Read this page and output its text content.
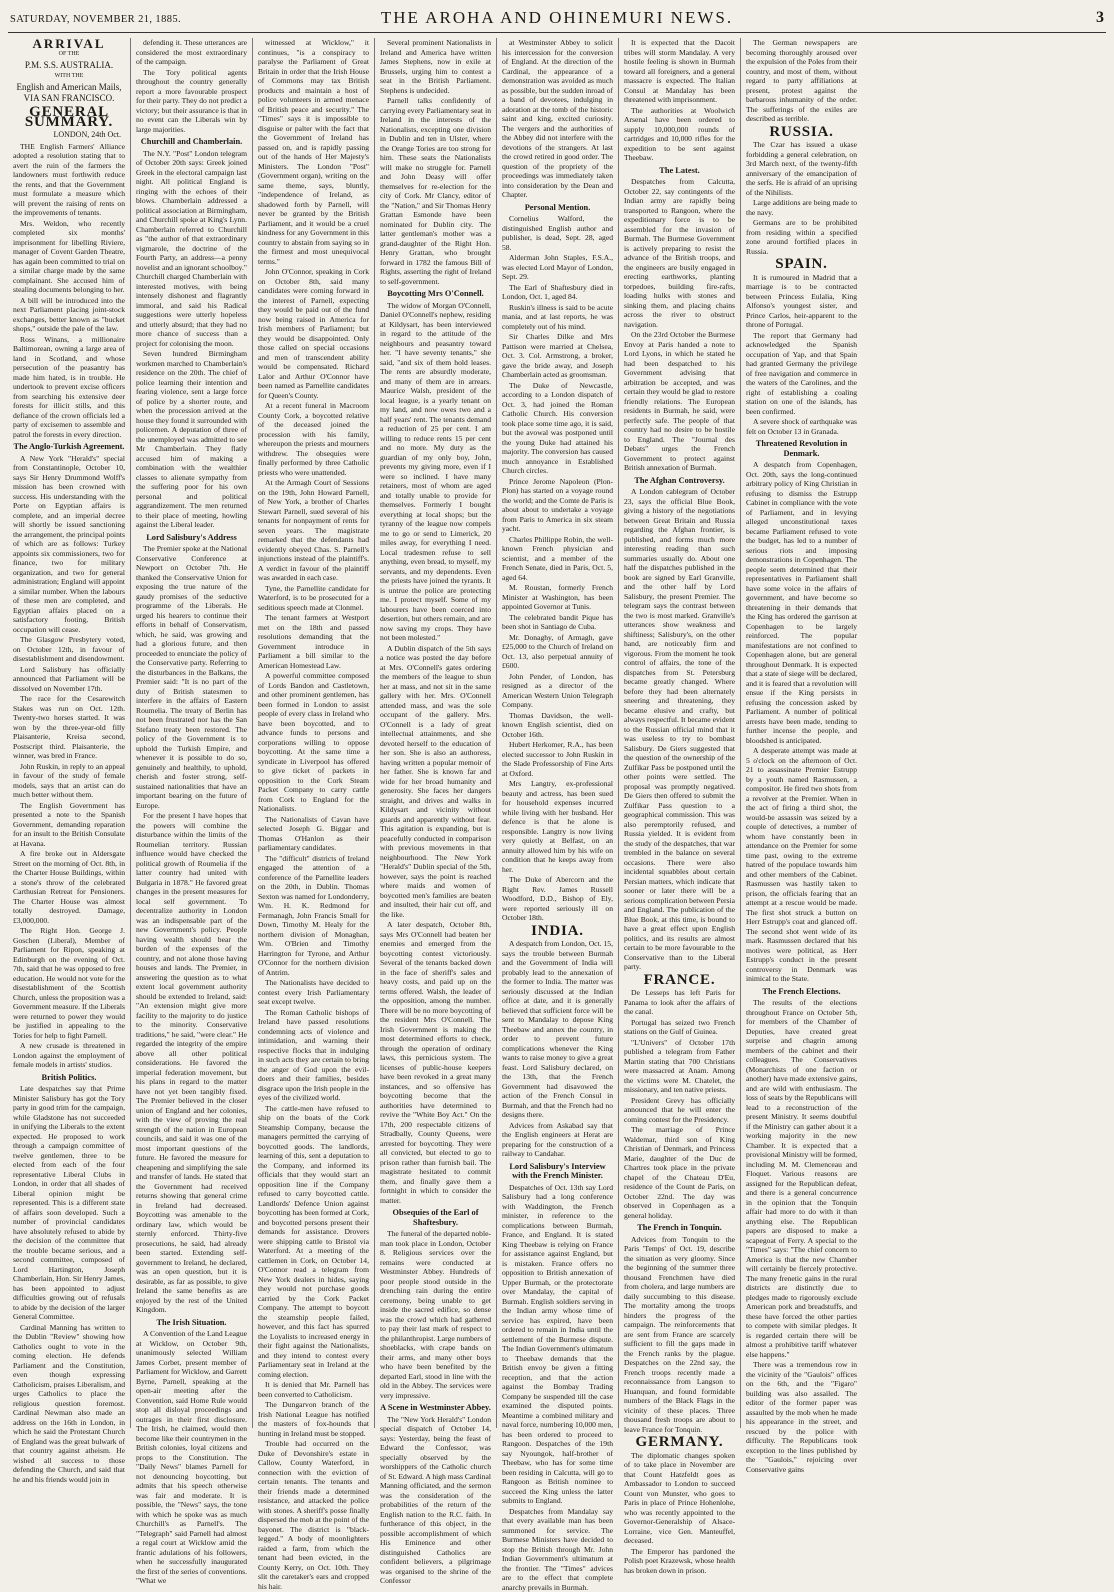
SATURDAY, NOVEMBER 21, 1885.	THE AROHA AND OHINEMURI NEWS.	3
ARRIVAL
OF THE
P.M. S.S. AUSTRALIA.
WITH THE
English and American Mails,
VIA SAN FRANCISCO.
GENERAL SUMMARY.

LONDON, 24th Oct.

THE English Farmers' Alliance adopted a resolution stating that to avert the ruin of the farmers the landowners must forthwith reduce the rents, and that the Government must formulate a measure which will prevent the raising of rents on the improvements of tenants.

Mrs. Weldon, who recently completed six months' imprisonment for libelling Riviere, manager of Covent Garden Theatre, has again been committed to trial on a similar charge made by the same complainant. She accused him of stealing documents belonging to her.

A bill will be introduced into the next Parliament placing joint-stock exchanges, better known as "bucket shops," outside the pale of the law.

Ross Winans, a millionaire Baltimorean, owning a large area of land in Scotland, and whose persecution of the peasantry has made him hated, is in trouble. He undertook to prevent excise officers from searching his extensive deer forests for illicit stills, and this defiance of the crown officials led a party of excisemen to assemble and patrol the forests in every direction.

The Anglo-Turkish Agreement.

A New York "Herald's" special from Constantinople, October 10, says Sir Henry Drummond Wolff's mission has been crowned with success. His understanding with the Porte on Egyptian affairs is complete, and an imperial decree will shortly be issued sanctioning the arrangement, the principal points of which are as follows: Turkey appoints six commissioners, two for finance, two for military organization, and two for general administration; England will appoint a similar number. When the labours of these men are completed, and Egyptian affairs placed on a satisfactory footing, British occupation will cease.

The Glasgow Presbytery voted, on October 12th, in favour of disestablishment and disendowment.

Lord Salisbury has officially announced that Parliament will be dissolved on November 17th.

The race for the Cesarewitch Stakes was run on Oct. 12th. Twenty-two horses started. It was won by the three-year-old filly Plaisanterie, Kreisa second, Postscript third. Plaisanterie, the winner, was bred in France.

John Ruskin, in reply to an appeal in favour of the study of female models, says that an artist can do much better without them.

The English Government has presented a note to the Spanish Government, demanding reparation for an insult to the British Consulate at Havana.

A fire broke out in Aldersgate Street on the morning of Oct. 8th, in the Charter House Buildings, within a stone's throw of the celebrated Carthusian Retreat for Pensioners. The Charter House was almost totally destroyed. Damage, £3,000,000.

The Right Hon. George J. Goschen (Liberal), Member of Parliament for Ripon, speaking at Edinburgh on the evening of Oct. 7th, said that he was opposed to free education. He would not vote for the disestablishment of the Scottish Church, unless the proposition was a Government measure. If the Liberals were returned to power they would be justified in appealing to the Tories for help to fight Parnell.

A new crusade is threatened in London against the employment of female models in artists' studios.

British Politics.

Late despatches say that Prime Minister Salisbury has got the Tory party in good trim for the campaign, while Gladstone has not succeeded in unifying the Liberals to the extent expected. He proposed to work through a campaign committee of twelve gentlemen, three to be elected from each of the four representative Liberal Clubs in London, in order that all shades of Liberal opinion might be represented. This is a different state of affairs soon developed. Such a number of provincial candidates have absolutely refused to abide by the decision of the committee that the trouble became serious, and a second committee, composed of Lord Hartington, Joseph Chamberlain, Hon. Sir Henry James, has been appointed to adjust difficulties growing out of refusals to abide by the decision of the larger General Committee.

Cardinal Manning has written to the Dublin "Review" showing how Catholics ought to vote in the coming election. He defends Parliament and the Constitution, even though expressing Catholicism, praises Liberalism, and urges Catholics to place the religious question foremost. Cardinal Newman also made an address on the 16th in London, in which he said the Protestant Church of England was the great bulwark of that country against atheism. He wished all success to those defending the Church, and said that he and his friends would join in

defending it. These utterances are considered the most extraordinary of the campaign.

The Tory political agents throughout the country generally report a more favourable prospect for their party. They do not predict a victory; but their assurance is that in no event can the Liberals win by large majorities.

Churchill and Chamberlain.

The N.Y. "Post" London telegram of October 20th says: Greek joined Greek in the electoral campaign last night. All political England is ringing with the echoes of their blows. Chamberlain addressed a political association at Birmingham, and Churchill spoke at King's Lynn. Chamberlain referred to Churchill as "the author of that extraordinary vigmarole, the doctrine of the Fourth Party, an address—a penny novelist and an ignorant schoolboy." Churchill charged Chamberlain with interested motives, with being intensely dishonest and flagrantly immoral, and said his Radical suggestions were utterly hopeless and utterly absurd; that they had no more chance of success than a project for colonising the moon.

Seven hundred Birmingham workmen marched to Chamberlain's residence on the 20th. The chief of police learning their intention and fearing violence, sent a large force of police by a shorter route, and when the procession arrived at the house they found it surrounded with policemen. A deputation of three of the unemployed was admitted to see Mr Chamberlain. They flatly accused him of making a combination with the wealthier classes to alienate sympathy from the suffering poor for his own personal and political aggrandizement. The men returned to their place of meeting, howling against the Liberal leader.

Lord Salisbury's Address

The Premier spoke at the National Conservative Conference at Newport on October 7th. He thanked the Conservative Union for exposing the true nature of the gaudy promises of the seductive programme of the Liberals. He urged his hearers to continue their efforts in behalf of Conservatism, which, he said, was growing and had a glorious future, and then proceeded to enunciate the policy of the Conservative party. Referring to the disturbances in the Balkans, the Premier said: "It is no part of the duty of British statesmen to interfere in the affairs of Eastern Roumelia. The treaty of Berlin has not been frustrated nor has the San Stefano treaty been restored. The policy of the Government is to uphold the Turkish Empire, and whenever it is possible to do so, genuinely and healthily, to uphold, cherish and foster strong, self-sustained nationalities that have an important bearing on the future of Europe.

For the present I have hopes that the powers will combine the disturbance within the limits of the Roumelian territory. Russian influence would have checked the political growth of Roumelia if the latter country had united with Bulgaria in 1878." He favored great changes in the present measures for local self government. To decentralize authority in London was an indispensable part of the new Government's policy. People having wealth should bear the burden of the expenses of the country, and not alone those having houses and lands. The Premier, in answering the question as to what extent local government authority should be extended to Ireland, said: "An extension might give more facility to the majority to do justice to the minority. Conservative traditions," he said, "were clear." He regarded the integrity of the empire above all other political considerations. He favored the imperial federation movement, but his plans in regard to the matter have not yet been tangibly fixed. The Premier believed in the closer union of England and her colonies, with the view of proving the real strength of the nation in European councils, and said it was one of the most important questions of the future. He favored the measure for cheapening and simplifying the sale and transfer of lands. He stated that the Government had received returns showing that general crime in Ireland had decreased. Boycotting was amenable to the ordinary law, which would be sternly enforced. Thirty-five prosecutions, he said, had already been started. Extending self-government to Ireland, he declared, was an open question, but it is desirable, as far as possible, to give Ireland the same benefits as are enjoyed by the rest of the United Kingdom.

The Irish Situation.

A Convention of the Land League at Wicklow, on October 9th, unanimously selected William James Corbet, present member of Parliament for Wicklow, and Garrett Byrne, Parnell, speaking at the open-air meeting after the Convention, said Home Rule would stop all disloyal proceedings and outrages in their first disclosure. The Irish, he claimed, would then become like their countrymen in the British colonies, loyal citizens and props to the Constitution. The "Daily News" blames Parnell for not denouncing boycotting, but admits that his speech otherwise was fair and moderate. It is possible, the "News" says, the tone with which he spoke was as much Churchill's as Parnell's. The "Telegraph" said Parnell had almost a regal court at Wicklow amid the frantic adulations of his followers, when he successfully inaugurated the first of the series of conventions. "What we

witnessed at Wicklow," it continues, "is a conspiracy to paralyse the Parliament of Great Britain in order that the Irish House of Commons may tax British products and maintain a host of police volunteers in armed menace of British peace and security." The "Times" says it is impossible to disguise or palter with the fact that the Government of Ireland has passed on, and is rapidly passing out of the hands of Her Majesty's Ministers. The London "Post" (Government organ), writing on the same theme, says, bluntly, "independence of Ireland, as shadowed forth by Parnell, will never be granted by the British Parliament, and it would be a cruel kindness for any Government in this country to abstain from saying so in the firmest and most unequivocal terms."

John O'Connor, speaking in Cork on October 8th, said many candidates were coming forward in the interest of Parnell, expecting they would be paid out of the fund now being raised in America for Irish members of Parliament; but they would be disappointed. Only those called on special occasions and men of transcendent ability would be compensated. Richard Lalor and Arthur O'Connor have been named as Parnellite candidates for Queen's County.

At a recent funeral in Macroom County Cork, a boycotted relative of the deceased joined the procession with his family, whereupon the priests and mourners withdrew. The obsequies were finally performed by three Catholic priests who were unattended.

At the Armagh Court of Sessions on the 19th, John Howard Parnell, of New York, a brother of Charles Stewart Parnell, sued several of his tenants for nonpayment of rents for seven years. The magistrate remarked that the defendants had evidently obeyed Chas. S. Parnell's injunctions instead of the plaintiff's. A verdict in favour of the plaintiff was awarded in each case.

Tyne, the Parnellite candidate for Waterford, is to be prosecuted for a seditious speech made at Clonmel.

The tenant farmers at Westport met on the 18th and passed resolutions demanding that the Government introduce in Parliament a bill similar to the American Homestead Law.

A powerful committee composed of Lords Bandon and Castletown, and other prominent gentlemen, has been formed in London to assist people of every class in Ireland who have been boycotted, and to advance funds to persons and corporations willing to oppose boycotting. At the same time a syndicate in Liverpool has offered to give ticket of packets in opposition to the Cork Steam Packet Company to carry cattle from Cork to England for the Nationalists.

The Nationalists of Cavan have selected Joseph G. Biggar and Thomas O'Hanlon as their parliamentary candidates.

The "difficult" districts of Ireland engaged the attention of a conference of the Parnellite leaders on the 20th, in Dublin. Thomas Sexton was named for Londonderry, Wm. H. K. Redmond for Fermanagh, John Francis Small for Down, Timothy M. Healy for the northern division of Monaghan, Wm. O'Brien and Timothy Harrington for Tyrone, and Arthur O'Connor for the northern division of Antrim.

The Nationalists have decided to contest every Irish Parliamentary seat except twelve.

The Roman Catholic bishops of Ireland have passed resolutions condemning acts of violence and intimidation, and warning their respective flocks that in indulging in such acts they are certain to bring the anger of God upon the evil-doers and their families, besides disgrace upon the Irish people in the eyes of the civilized world.

The cattle-men have refused to ship on the boats of the Cork Steamship Company, because the managers permitted the carrying of boycotted goods. The landlords, learning of this, sent a deputation to the Company, and informed its officials that they would start an opposition line if the Company refused to carry boycotted cattle. Landlords' Defence Union against boycotting has been formed at Cork, and boycotted persons present their demands for assistance. Drovers were shipping cattle to Bristol via Waterford. At a meeting of the cattlemen in Cork, on October 14, O'Connor read a telegram from New York dealers in hides, saying they would not purchase goods carried by the Cork Packet Company. The attempt to boycott the steamship people failed, however, and this fact has spurred the Loyalists to increased energy in their fight against the Nationalists, and they intend to contest every Parliamentary seat in Ireland at the coming election.

It is denied that Mr. Parnell has been converted to Catholicism.

The Dungarvon branch of the Irish National League has notified the masters of fox-hounds that hunting in Ireland must be stopped.

Trouble had occurred on the Duke of Devonshire's estate in Callow, County Waterford, in connection with the eviction of certain tenants. The tenants and their friends made a determined resistance, and attacked the police with stones. A sheriff's posse finally dispersed the mob at the point of the bayonet. The district is "black-legged." A body of moonlighters raided a farm, from which the tenant had been evicted, in the County Kerry, on Oct. 10th. They slit the caretaker's ears and cropped his hair.

Several prominent Nationalists in Ireland and America have written James Stephens, now in exile at Brussels, urging him to contest a seat in the British Parliament. Stephens is undecided.

Parnell talks confidently of carrying every Parliamentary seat in Ireland in the interests of the Nationalists, excepting one division in Dublin and ten in Ulster, where the Orange Tories are too strong for him. These seats the Nationalists will make no struggle for. Parnell and John Deasy will offer themselves for re-election for the city of Cork. Mr Clancy, editor of the "Nation," and Sir Thomas Henry Grattan Esmonde have been nominated for Dublin city. The latter gentleman's mother was a grand-daughter of the Right Hon. Henry Grattan, who brought forward in 1782 the famous Bill of Rights, asserting the right of Ireland to self-government.

Boycotting Mrs O'Connell.

The widow of Morgan O'Connell, Daniel O'Connell's nephew, residing at Kildysart, has been interviewed in regard to the attitude of the neighbours and peasantry toward her. "I have seventy tenants," she said, "and six of them hold leases. The rents are absurdly moderate, and many of them are in arrears. Maurice Walsh, president of the local league, is a yearly tenant on my land, and now owes two and a half years' rent. The tenants demand a reduction of 25 per cent. I am willing to reduce rents 15 per cent and no more. My duty as the guardian of my only boy, John, prevents my giving more, even if I were so inclined. I have many retainers, most of whom are aged and totally unable to provide for themselves. Formerly I bought everything at local shops; but the tyranny of the league now compels me to go or send to Limerick, 20 miles away, for everything I need. Local tradesmen refuse to sell anything, even bread, to myself, my servants, and my dependents. Even the priests have joined the tyrants. It is untrue the police are protecting me. I protect myself. Some of my labourers have been coerced into desertion, but others remain, and are now saving my crops. They have not been molested."

A Dublin dispatch of the 5th says a notice was posted the day before at Mrs. O'Connell's gates ordering the members of the league to shun her at mass, and not sit in the same gallery with her. Mrs. O'Connell attended mass, and was the sole occupant of the gallery. Mrs. O'Connell is a lady of great intellectual attainments, and she devoted herself to the education of her son. She is also an authoress, having written a popular memoir of her father. She is known far and wide for her broad humanity and generosity. She faces her dangers straight, and drives and walks in Kildysart and vicinity without guards and apparently without fear. This agitation is expanding, but is peacefully conducted in comparison with previous movements in that neighbourhood. The New York "Herald's" Dublin special of the 5th, however, says the point is reached where maids and women of boycotted men's families are beaten and insulted, their hair cut off, and the like.

A later despatch, October 8th, says Mrs O'Connell had beaten her enemies and emerged from the boycotting contest victoriously. Several of the tenants backed down in the face of sheriff's sales and heavy costs, and paid up on the terms offered. Walsh, the leader of the opposition, among the number. There will be no more boycotting of the resident Mrs O'Connell. The Irish Government is making the most determined efforts to check, through the operation of ordinary laws, this pernicious system. The licenses of public-house keepers have been revoked in a great many instances, and so offensive has boycotting become that the authorities have determined to revive the "White Boy Act." On the 17th, 200 respectable citizens of Stradbally, County Queens, were arrested for boycotting. They were all convicted, but elected to go to prison rather than furnish bail. The magistrate hesitated to commit them, and finally gave them a fortnight in which to consider the matter.

Obsequies of the Earl of Shaftesbury.

The funeral of the departed noble-man took place in London, October 8. Religious services over the remains were conducted at Westminster Abbey. Hundreds of poor people stood outside in the drenching rain during the entire ceremony, being unable to get inside the sacred edifice, so dense was the crowd which had gathered to pay their last mark of respect to the philanthropist. Large numbers of shoeblacks, with crape bands on their arms, and many other boys who have been benefited by the departed Earl, stood in line with the old in the Abbey. The services were very impressive.

A Scene in Westminster Abbey.

The "New York Herald's" London special dispatch of October 14, says: Yesterday, being the feast of Edward the Confessor, was specially observed by the worshippers of the Catholic church of St. Edward. A high mass Cardinal Manning officiated, and the sermon was the consideration of the probabilities of the return of the English nation to the R.C. faith. In furtherance of this object, in the possible accomplishment of which His Eminence and other distinguished Catholics are confident believers, a pilgrimage was organised to the shrine of the Confessor

at Westminster Abbey to solicit his intercession for the conversion of England. At the direction of the Cardinal, the appearance of a demonstration was avoided as much as possible, but the sudden inroad of a band of devotees, indulging in adoration at the tomb of the historic saint and king, excited curiosity. The vergers and the authorities of the Abbey did not interfere with the devotions of the strangers. At last the crowd retired in good order. The question of the propriety of the proceedings was immediately taken into consideration by the Dean and Chapter.

Personal Mention.

Cornelius Walford, the distinguished English author and publisher, is dead, Sept. 28, aged 58.

Alderman John Staples, F.S.A., was elected Lord Mayor of London, Sept. 29.

The Earl of Shaftesbury died in London, Oct. 1, aged 84.

Ruskin's illness is said to be acute mania, and at last reports, he was completely out of his mind.

Sir Charles Dilke and Mrs Pattison were married at Chelsea, Oct. 3. Col. Armstrong, a broker, gave the bride away, and Joseph Chamberlain acted as groomsman.

The Duke of Newcastle, according to a London dispatch of Oct. 3, had joined the Roman Catholic Church. His conversion took place some time ago, it is said, but the avowal was postponed until the young Duke had attained his majority. The conversion has caused much annoyance in Established Church circles.

Prince Jerome Napoleon (Plon-Plon) has started on a voyage round the world; and the Comte de Paris is about about to undertake a voyage from Paris to America in six steam yacht.

Charles Phillippe Robin, the well-known French physician and scientist, and a member of the French Senate, died in Paris, Oct. 5, aged 64.

M. Roustan, formerly French Minister at Washington, has been appointed Governor at Tunis.

The celebrated bandit Pique has been shot in Santiago de Cuba.

Mr. Donaghy, of Armagh, gave £25,000 to the Church of Ireland on Oct. 13, also perpetual annuity of £600.

John Pender, of London, has resigned as a director of the American Western Union Telegraph Company.

Thomas Davidson, the well-known English scientist, died on October 16th.

Hubert Herkomer, R.A., has been elected successor to John Ruskin in the Slade Professorship of Fine Arts at Oxford.

Mrs Langtry, ex-professional beauty and actress, has been sued for household expenses incurred while living with her husband. Her defence is that he alone is responsible. Langtry is now living very quietly at Belfast, on an annuity allowed him by his wife on condition that he keeps away from her.

The Duke of Abercorn and the Right Rev. James Russell Woodford, D.D., Bishop of Ely, were reported seriously ill on October 18th.

INDIA.

A despatch from London, Oct. 15, says the trouble between Burmah and the Government of India will probably lead to the annexation of the former to India. The matter was seriously discussed at the Indian office at date, and it is generally believed that sufficient force will be sent to Mandalay to depose King Theebaw and annex the country, in order to prevent future complications whenever the King wants to raise money to give a great feast. Lord Salisbury declared, on the 13th, that the French Government had disavowed the action of the French Consul in Burmah, and that the French had no designs there.

Advices from Askabad say that the English engineers at Herat are preparing for the construction of a railway to Candahar.

Lord Salisbury's Interview with the French Minister.

Despatches of Oct. 13th say Lord Salisbury had a long conference with Waddington, the French minister, in reference to the complications between Burmah, France, and England. It is stated King Theebaw is relying on France for assistance against England, but is mistaken. France offers no opposition to British annexation of Upper Burmah, or the protectorate over Mandalay, the capital of Burmah. English soldiers serving in the Indian army whose time of service has expired, have been ordered to remain in India until the settlement of the Burmese dispute. The Indian Government's ultimatum to Theebaw demands that the British envoy be given a fitting reception, and that the action against the Bombay Trading Company be suspended till the case examined the disputed points. Meantime a combined military and naval force, numbering 10,000 men, has been ordered to proceed to Rangoon. Despatches of the 19th say Nyoungok, half-brother of Theebaw, who has for some time been residing in Calcutta, will go to Rangoon as British nominee to succeed the King unless the latter submits to England.

Despatches from Mandalay say that every available man has been summoned for service. The Burmese Ministers have decided to stop the British through Mr. John Indian Government's ultimatum at the frontier. The "Times" advices are to the effect that complete anarchy prevails in Burmah.

It is expected that the Dacoit tribes will storm Mandalay. A very hostile feeling is shown in Burmah toward all foreigners, and a general massacre is expected. The Italian Consul at Mandalay has been threatened with imprisonment.

The authorities at Woolwich Arsenal have been ordered to supply 10,000,000 rounds of cartridges and 10,000 rifles for the expedition to be sent against Theebaw.

The Latest.

Despatches from Calcutta, October 22, say contingents of the Indian army are rapidly being transported to Rangoon, where the expeditionary force is to be assembled for the invasion of Burmah. The Burmese Government is actively preparing to resist the advance of the British troops, and the engineers are busily engaged in erecting earthworks, planting torpedoes, building fire-rafts, loading hulks with stones and sinking them, and placing chains across the river to obstruct navigation.

On the 23rd October the Burmese Envoy at Paris handed a note to Lord Lyons, in which he stated he had been despatched to his Government advising that arbitration be accepted, and was certain they would be glad to restore friendly relations. The European residents in Burmah, he said, were perfectly safe. The people of that country had no desire to be hostile to England. The "Journal des Debats" urges the French Government to protect against British annexation of Burmah.

The Afghan Controversy.

A London cablegram of October 23, says the official Blue Book, giving a history of the negotiations between Great Britain and Russia regarding the Afghan frontier, is published, and forms much more interesting reading than such summaries usually do. About one half the dispatches published in the book are signed by Earl Granville, and the other half by Lord Salisbury, the present Premier. The telegram says the contrast between the two is most marked. Granville's utterances show weakness and shiftiness; Salisbury's, on the other hand, are noticeably firm and vigorous. From the moment he took control of affairs, the tone of the dispatches from St. Petersburg became greatly changed. Where before they had been alternately sneering and threatening, they became elusive and crafty, but always respectful. It became evident to the Russian official mind that it was useless to try to bombast Salisbury. De Giers suggested that the question of the ownership of the Zulfikar Pass be postponed until the other points were settled. The proposal was promptly negatived. De Giers then offered to submit the Zulfikar Pass question to a geographical commission. This was also peremptorily refused, and Russia yielded. It is evident from the study of the despatches, that war trembled in the balance on several occasions. There were also incidental squabbles about certain Persian matters, which indicate that sooner or later there will be a serious complication between Persia and England. The publication of the Blue Book, at this time, is bound to have a great effect upon English politics, and its results are almost certain to be more favourable to the Conservative than to the Liberal party.

FRANCE.

De Lesseps has left Paris for Panama to look after the affairs of the canal.

Portugal has seized two French stations on the Gulf of Guinea.

"L'Univers" of October 17th published a telegram from Father Martin stating that 700 Christians were massacred at Anam. Among the victims were M. Chatelet, the missionary, and ten native priests.

President Grevy has officially announced that he will enter the coming contest for the Presidency.

The marriage of Prince Waldemar, third son of King Christian of Denmark, and Princess Marie, daughter of the Duc de Chartres took place in the private chapel of the Chateau D'Eu, residence of the Count de Paris, on October 22nd. The day was observed in Copenhagen as a general holiday.

The French in Tonquin.

Advices from Tonquin to the Paris 'Temps' of Oct. 19, describe the situation as very gloomy. Since the beginning of the summer three thousand Frenchmen have died from cholera, and large numbers are daily succumbing to this disease. The mortality among the troops hinders the progress of the campaign. The reinforcements that are sent from France are scarcely sufficient to fill the gaps made in the French ranks by the plague. Despatches on the 22nd say, the French troops recently made a reconnaissance from Langson to Huanquan, and found formidable numbers of the Black Flags in the vicinity of these places. Three thousand fresh troops are about to leave France for Tonquin.

GERMANY.

The diplomatic changes spoken of to take place in November are that Count Hatzfeldt goes as Ambassador to London to succeed Count von Munster, who goes to Paris in place of Prince Hohenlohe, who was recently appointed to the Governor-Generalship of Alsace-Lorraine, vice Gen. Manteuffel, deceased.

The Emperor has pardoned the Polish poet Krazewsk, whose health has broken down in prison.

The German newspapers are becoming thoroughly aroused over the expulsion of the Poles from their country, and most of them, without regard to party affiliations at present, protest against the barbarous inhumanity of the order. The sufferings of the exiles are described as terrible.

RUSSIA.

The Czar has issued a ukase forbidding a general celebration, on 3rd March next, of the twenty-fifth anniversary of the emancipation of the serfs. He is afraid of an uprising of the Nihilists.

Large additions are being made to the navy.

Germans are to be prohibited from residing within a specified zone around fortified places in Russia.

SPAIN.

It is rumoured in Madrid that a marriage is to be contracted between Princess Eulalia, King Alfonso's youngest sister, and Prince Carlos, heir-apparent to the throne of Portugal.

The report that Germany had acknowledged the Spanish occupation of Yap, and that Spain had granted Germany the privilege of free navigation and commerce in the waters of the Carolines, and the right of establishing a coaling station on one of the islands, has been confirmed.

A severe shock of earthquake was felt on October 13 in Granada.

Threatened Revolution in Denmark.

A despatch from Copenhagen, Oct. 20th, says the long-continued arbitrary policy of King Christian in refusing to dismiss the Estrupp Cabinet in compliance with the vote of Parliament, and in levying alleged unconstitutional taxes became Parliament refused to vote the budget, has led to a number of serious riots and imposing demonstrations in Copenhagen. The people seem determined that their representatives in Parliament shall have some voice in the affairs of government, and have become so threatening in their demands that the King has ordered the garrison at Copenhagen to be largely reinforced. The popular manifestations are not confined to Copenhagen alone, but are general throughout Denmark. It is expected that a state of siege will be declared, and it is feared that a revolution will ensue if the King persists in refusing the concession asked by Parliament. A number of political arrests have been made, tending to further incense the people, and bloodshed is anticipated.

A desperate attempt was made at 5 o'clock on the afternoon of Oct. 21 to assassinate Premier Estrupp by a youth named Rasmussen, a compositor. He fired two shots from a revolver at the Premier. When in the act of firing a third shot, the would-be assassin was seized by a couple of detectives, a number of whom have constantly been in attendance on the Premier for some time past, owing to the extreme hatred of the populace towards him and other members of the Cabinet. Rasmussen was hastily taken to prison, the officials fearing that an attempt at a rescue would be made. The first shot struck a button on Herr Estrupp's coat and glanced off. The second shot went wide of its mark. Rasmussen declared that his motives were political, as Herr Estrupp's conduct in the present controversy in Denmark was inimical to the State.

The French Elections.

The results of the elections throughout France on October 5th, for members of the Chamber of Deputies, have created great surprise and chagrin among members of the cabinet and their colleagues. The Conservatives (Monarchists of one faction or another) have made extensive gains, and are wild with enthusiasm. The loss of seats by the Republicans will lead to a reconstruction of the present Ministry. It seems doubtful if the Ministry can gather about it a working majority in the new Chamber. It is expected that a provisional Ministry will be formed, including M. M. Clemenceau and Floquet. Various reasons are assigned for the Republican defeat, and there is a general concurrence in the opinion that the Tonquin affair had more to do with it than anything else. The Republican papers are disposed to make a scapegoat of Ferry. A special to the "Times" says: "The chief concern to America is that the new Chamber will certainly be fiercely protective. The many frenetic gains in the rural districts are distinctly due to pledges made to rigorously exclude American pork and breadstuffs, and these have forced the other parties to compete with similar pledges. It is regarded certain there will be almost a prohibitive tariff whatever else happens."

There was a tremendous row in the vicinity of the "Gaulois" offices on the 6th, and the "Figaro" building was also assailed. The editor of the former paper was assaulted by the mob when he made his appearance in the street, and rescued by the police with difficulty. The Republicans took exception to the lines published by the "Gaulois," rejoicing over Conservative gains
